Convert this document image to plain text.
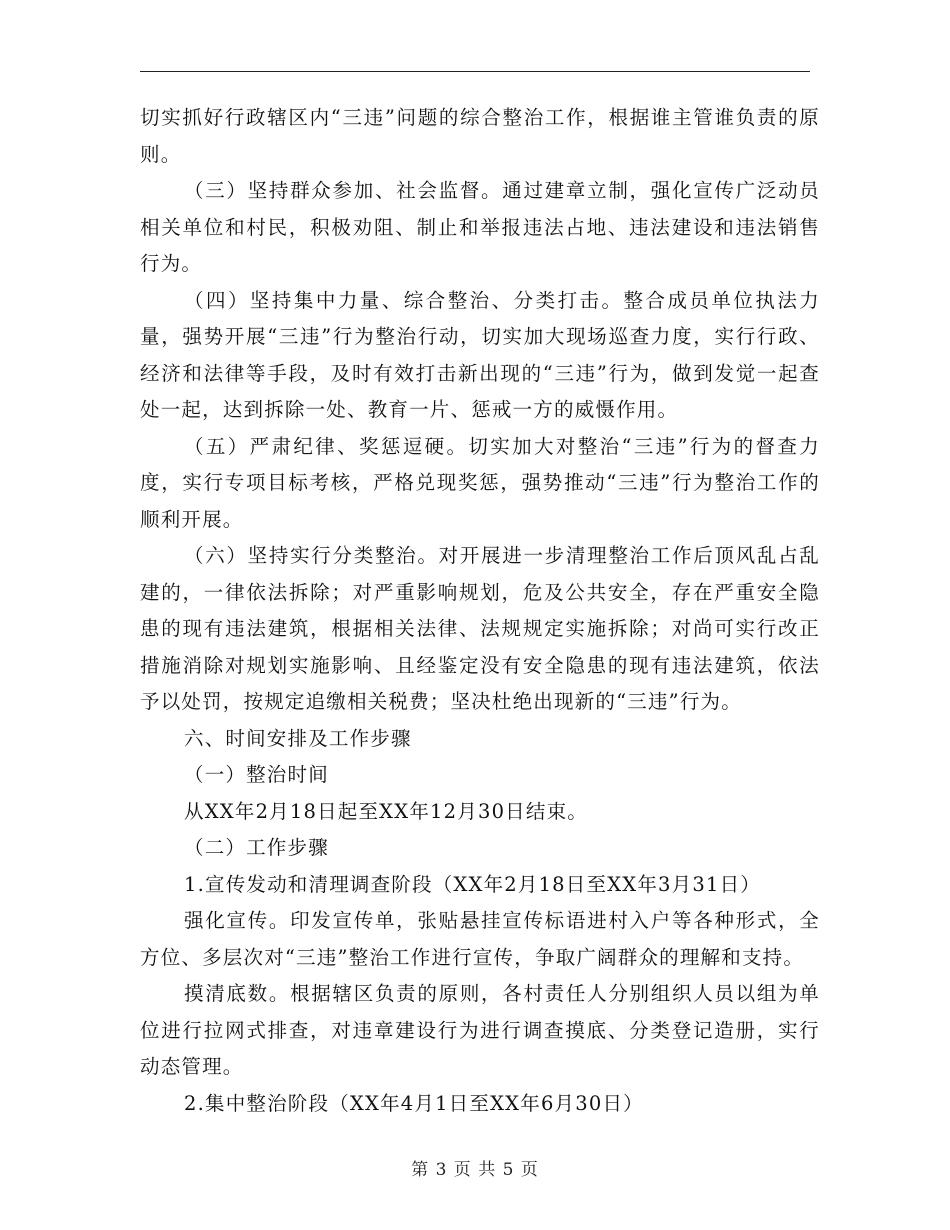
切实抓好行政辖区内“三违”问题的综合整治工作，根据谁主管谁负责的原则。

（三）坚持群众参加、社会监督。通过建章立制，强化宣传广泛动员相关单位和村民，积极劝阻、制止和举报违法占地、违法建设和违法销售行为。

（四）坚持集中力量、综合整治、分类打击。整合成员单位执法力量，强势开展“三违”行为整治行动，切实加大现场巡查力度，实行行政、经济和法律等手段，及时有效打击新出现的“三违”行为，做到发觉一起查处一起，达到拆除一处、教育一片、惩戒一方的威慑作用。

（五）严肃纪律、奖惩逗硬。切实加大对整治“三违”行为的督查力度，实行专项目标考核，严格兑现奖惩，强势推动“三违”行为整治工作的顺利开展。

（六）坚持实行分类整治。对开展进一步清理整治工作后顶风乱占乱建的，一律依法拆除；对严重影响规划，危及公共安全，存在严重安全隐患的现有违法建筑，根据相关法律、法规规定实施拆除；对尚可实行改正措施消除对规划实施影响、且经鉴定没有安全隐患的现有违法建筑，依法予以处罚，按规定追缴相关税费；坚决杜绝出现新的“三违”行为。

六、时间安排及工作步骤

（一）整治时间

从XX年2月18日起至XX年12月30日结束。

（二）工作步骤

1.宣传发动和清理调查阶段（XX年2月18日至XX年3月31日）

强化宣传。印发宣传单，张贴悬挂宣传标语进村入户等各种形式，全方位、多层次对“三违”整治工作进行宣传，争取广阔群众的理解和支持。

摸清底数。根据辖区负责的原则，各村责任人分别组织人员以组为单位进行拉网式排查，对违章建设行为进行调查摸底、分类登记造册，实行动态管理。

2.集中整治阶段（XX年4月1日至XX年6月30日）

第 3 页 共 5 页
